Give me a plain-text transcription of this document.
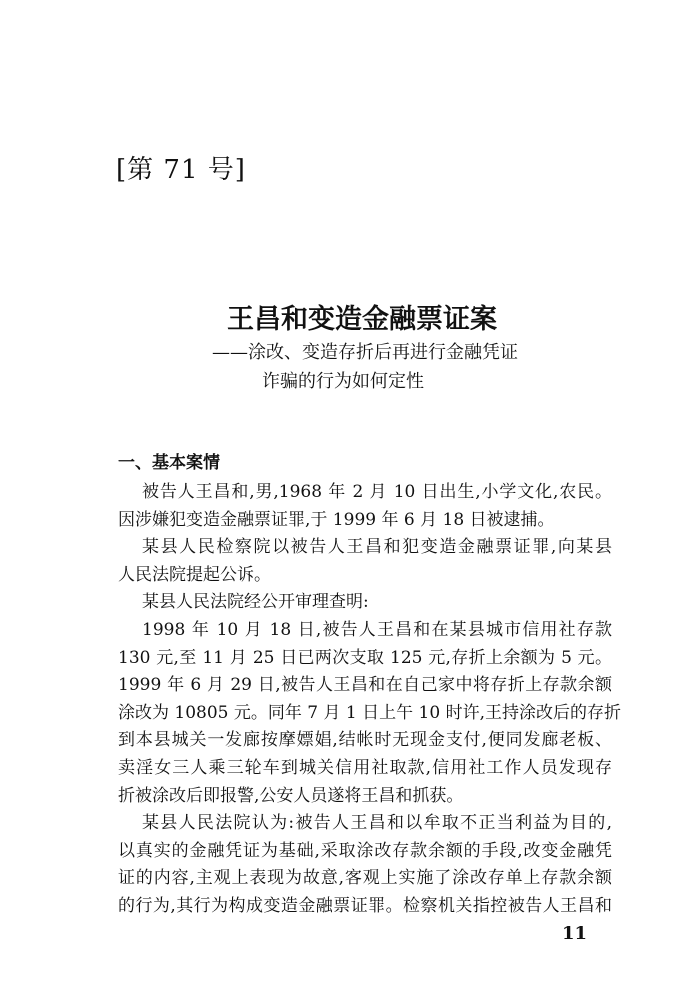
[第 71 号]
王昌和变造金融票证案
——涂改、变造存折后再进行金融凭证
诈骗的行为如何定性
一、基本案情
被告人王昌和,男,1968 年 2 月 10 日出生,小学文化,农民。
因涉嫌犯变造金融票证罪,于 1999 年 6 月 18 日被逮捕。
某县人民检察院以被告人王昌和犯变造金融票证罪,向某县
人民法院提起公诉。
某县人民法院经公开审理查明:
1998 年 10 月 18 日,被告人王昌和在某县城市信用社存款
130 元,至 11 月 25 日已两次支取 125 元,存折上余额为 5 元。
1999 年 6 月 29 日,被告人王昌和在自己家中将存折上存款余额
涂改为 10805 元。同年 7 月 1 日上午 10 时许,王持涂改后的存折
到本县城关一发廊按摩嫖娼,结帐时无现金支付,便同发廊老板、
卖淫女三人乘三轮车到城关信用社取款,信用社工作人员发现存
折被涂改后即报警,公安人员遂将王昌和抓获。
某县人民法院认为:被告人王昌和以牟取不正当利益为目的,
以真实的金融凭证为基础,采取涂改存款余额的手段,改变金融凭
证的内容,主观上表现为故意,客观上实施了涂改存单上存款余额
的行为,其行为构成变造金融票证罪。检察机关指控被告人王昌和
11
